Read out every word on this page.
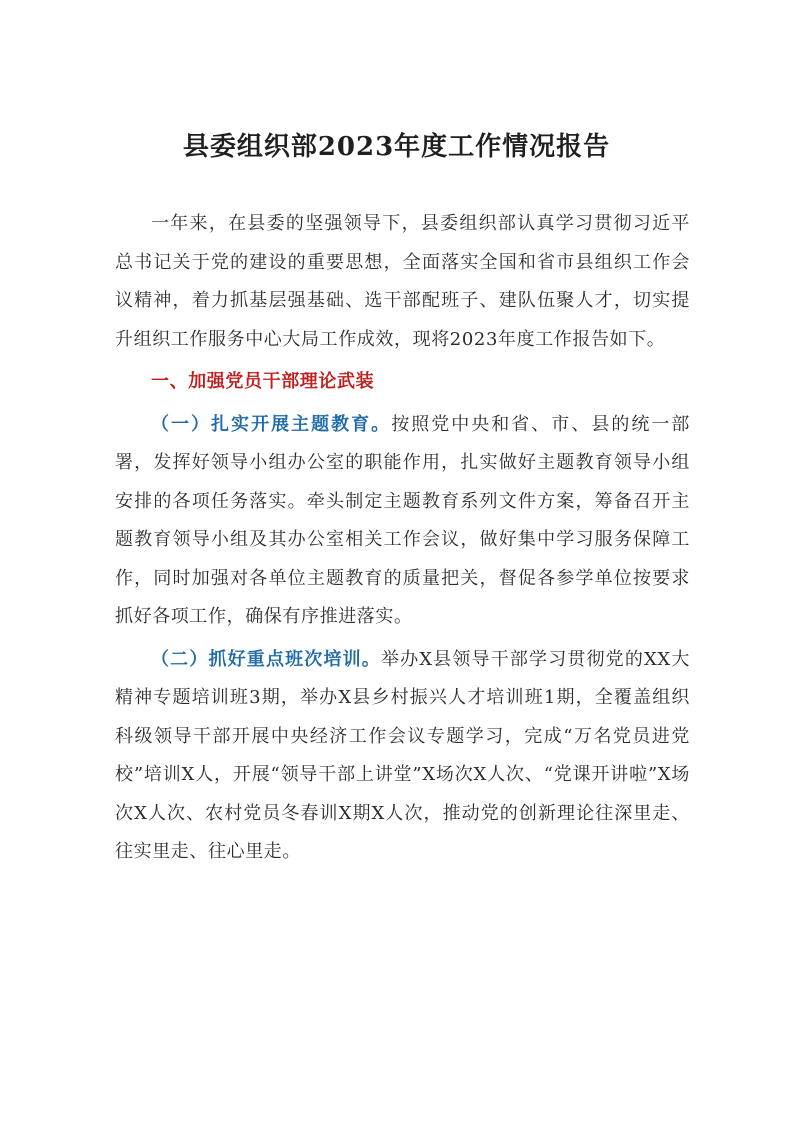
县委组织部2023年度工作情况报告

一年来，在县委的坚强领导下，县委组织部认真学习贯彻习近平总书记关于党的建设的重要思想，全面落实全国和省市县组织工作会议精神，着力抓基层强基础、选干部配班子、建队伍聚人才，切实提升组织工作服务中心大局工作成效，现将2023年度工作报告如下。

一、加强党员干部理论武装

（一）扎实开展主题教育。按照党中央和省、市、县的统一部署，发挥好领导小组办公室的职能作用，扎实做好主题教育领导小组安排的各项任务落实。牵头制定主题教育系列文件方案，筹备召开主题教育领导小组及其办公室相关工作会议，做好集中学习服务保障工作，同时加强对各单位主题教育的质量把关，督促各参学单位按要求抓好各项工作，确保有序推进落实。

（二）抓好重点班次培训。举办X县领导干部学习贯彻党的XX大精神专题培训班3期，举办X县乡村振兴人才培训班1期，全覆盖组织科级领导干部开展中央经济工作会议专题学习，完成“万名党员进党校”培训X人，开展“领导干部上讲堂”X场次X人次、“党课开讲啦”X场次X人次、农村党员冬春训X期X人次，推动党的创新理论往深里走、往实里走、往心里走。
